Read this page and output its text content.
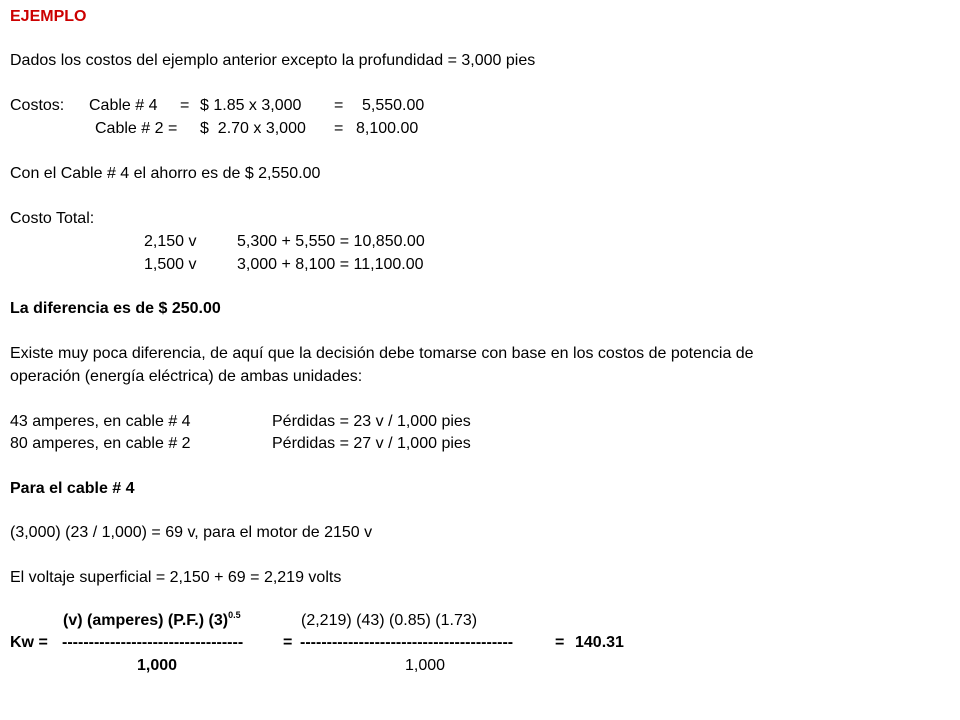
EJEMPLO
Dados los costos del ejemplo anterior excepto la profundidad = 3,000 pies
Costos: Cable # 4 = $ 1.85 x 3,000 = 5,550.00
Cable # 2 = $  2.70 x 3,000 = 8,100.00
Con el Cable # 4 el ahorro es de $ 2,550.00
Costo Total:
2,150 v	5,300 + 5,550 = 10,850.00
1,500 v	3,000 + 8,100 = 11,100.00
La diferencia es de $ 250.00
Existe muy poca diferencia, de aquí que la decisión debe tomarse con base en los costos de potencia de
operación (energía eléctrica) de ambas unidades:
43 amperes, en cable # 4	Pérdidas = 23 v / 1,000 pies
80 amperes, en cable # 2	Pérdidas = 27 v / 1,000 pies
Para el cable # 4
(3,000) (23 / 1,000) = 69 v, para el motor de 2150 v
El voltaje superficial = 2,150 + 69 = 2,219 volts
(v) (amperes) (P.F.) $(3)^{0.5}$	(2,219) (43) (0.85) (1.73)
Kw = ---------------------------------- = ----------------------------------------	= 140.31
1,000	1,000
